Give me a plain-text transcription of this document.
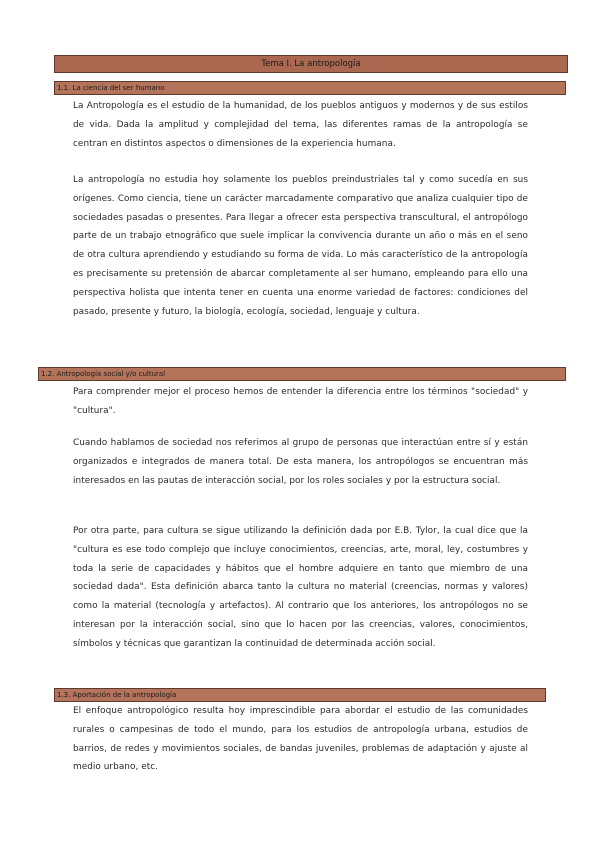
Tema I. La antropología
1.1. La ciencia del ser humano

La Antropología es el estudio de la humanidad, de los pueblos antiguos y modernos y de sus estilos de vida. Dada la amplitud y complejidad del tema, las diferentes ramas de la antropología se centran en distintos aspectos o dimensiones de la experiencia humana.

La antropología no estudia hoy solamente los pueblos preindustriales tal y como sucedía en sus orígenes. Como ciencia, tiene un carácter marcadamente comparativo que analiza cualquier tipo de sociedades pasadas o presentes. Para llegar a ofrecer esta perspectiva transcultural, el antropólogo parte de un trabajo etnográfico que suele implicar la convivencia durante un año o más en el seno de otra cultura aprendiendo y estudiando su forma de vida. Lo más característico de la antropología es precisamente su pretensión de abarcar completamente al ser humano, empleando para ello una perspectiva holista que intenta tener en cuenta una enorme variedad de factores: condiciones del pasado, presente y futuro, la biología, ecología, sociedad, lenguaje y cultura.

1.2. Antropología social y/o cultural

Para comprender mejor el proceso hemos de entender la diferencia entre los términos "sociedad" y "cultura".

Cuando hablamos de sociedad nos referimos al grupo de personas que interactúan entre sí y están organizados e integrados de manera total. De esta manera, los antropólogos se encuentran más interesados en las pautas de interacción social, por los roles sociales y por la estructura social.

Por otra parte, para cultura se sigue utilizando la definición dada por E.B. Tylor, la cual dice que la "cultura es ese todo complejo que incluye conocimientos, creencias, arte, moral, ley, costumbres y toda la serie de capacidades y hábitos que el hombre adquiere en tanto que miembro de una sociedad dada". Esta definición abarca tanto la cultura no material (creencias, normas y valores) como la material (tecnología y artefactos). Al contrario que los anteriores, los antropólogos no se interesan por la interacción social, sino que lo hacen por las creencias, valores, conocimientos, símbolos y técnicas que garantizan la continuidad de determinada acción social.

1.3. Aportación de la antropología

El enfoque antropológico resulta hoy imprescindible para abordar el estudio de las comunidades rurales o campesinas de todo el mundo, para los estudios de antropología urbana, estudios de barrios, de redes y movimientos sociales, de bandas juveniles, problemas de adaptación y ajuste al medio urbano, etc.
